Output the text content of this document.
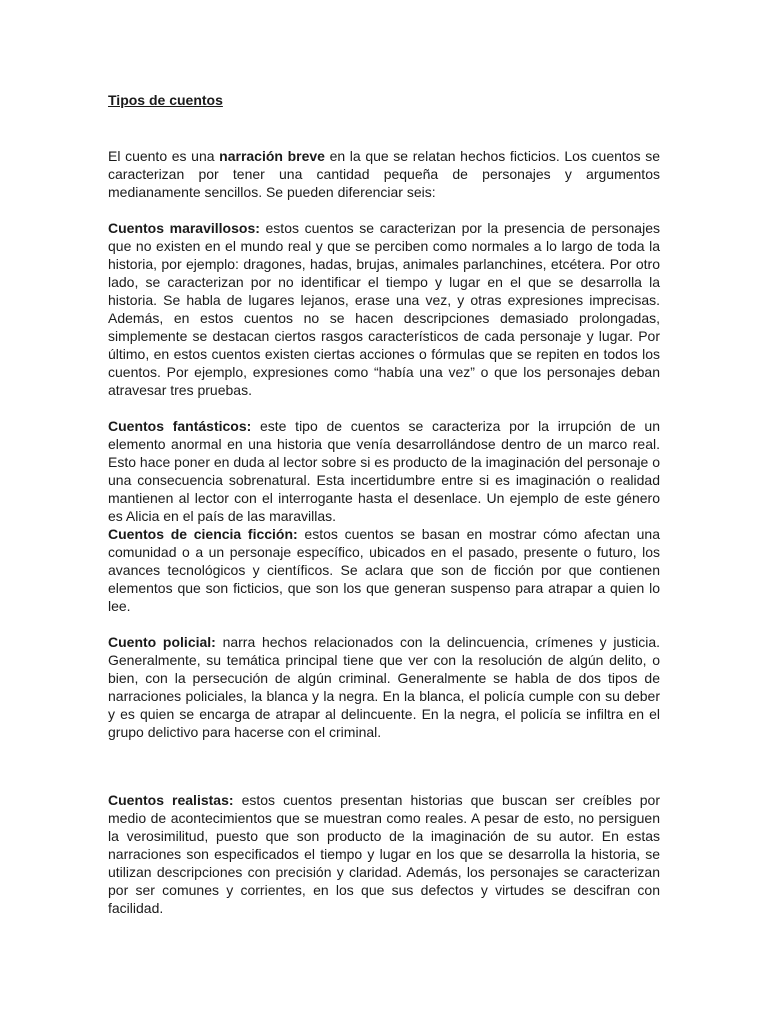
Tipos de cuentos

El cuento es una narración breve en la que se relatan hechos ficticios. Los cuentos se caracterizan por tener una cantidad pequeña de personajes y argumentos medianamente sencillos. Se pueden diferenciar seis:

Cuentos maravillosos: estos cuentos se caracterizan por la presencia de personajes que no existen en el mundo real y que se perciben como normales a lo largo de toda la historia, por ejemplo: dragones, hadas, brujas, animales parlanchines, etcétera. Por otro lado, se caracterizan por no identificar el tiempo y lugar en el que se desarrolla la historia. Se habla de lugares lejanos, erase una vez, y otras expresiones imprecisas. Además, en estos cuentos no se hacen descripciones demasiado prolongadas, simplemente se destacan ciertos rasgos característicos de cada personaje y lugar. Por último, en estos cuentos existen ciertas acciones o fórmulas que se repiten en todos los cuentos. Por ejemplo, expresiones como “había una vez” o que los personajes deban atravesar tres pruebas.

Cuentos fantásticos: este tipo de cuentos se caracteriza por la irrupción de un elemento anormal en una historia que venía desarrollándose dentro de un marco real. Esto hace poner en duda al lector sobre si es producto de la imaginación del personaje o una consecuencia sobrenatural. Esta incertidumbre entre si es imaginación o realidad mantienen al lector con el interrogante hasta el desenlace. Un ejemplo de este género es Alicia en el país de las maravillas.

Cuentos de ciencia ficción: estos cuentos se basan en mostrar cómo afectan una comunidad o a un personaje específico, ubicados en el pasado, presente o futuro, los avances tecnológicos y científicos. Se aclara que son de ficción por que contienen elementos que son ficticios, que son los que generan suspenso para atrapar a quien lo lee.

Cuento policial: narra hechos relacionados con la delincuencia, crímenes y justicia. Generalmente, su temática principal tiene que ver con la resolución de algún delito, o bien, con la persecución de algún criminal. Generalmente se habla de dos tipos de narraciones policiales, la blanca y la negra. En la blanca, el policía cumple con su deber y es quien se encarga de atrapar al delincuente. En la negra, el policía se infiltra en el grupo delictivo para hacerse con el criminal.

Cuentos realistas: estos cuentos presentan historias que buscan ser creíbles por medio de acontecimientos que se muestran como reales. A pesar de esto, no persiguen la verosimilitud, puesto que son producto de la imaginación de su autor. En estas narraciones son especificados el tiempo y lugar en los que se desarrolla la historia, se utilizan descripciones con precisión y claridad. Además, los personajes se caracterizan por ser comunes y corrientes, en los que sus defectos y virtudes se descifran con facilidad.
